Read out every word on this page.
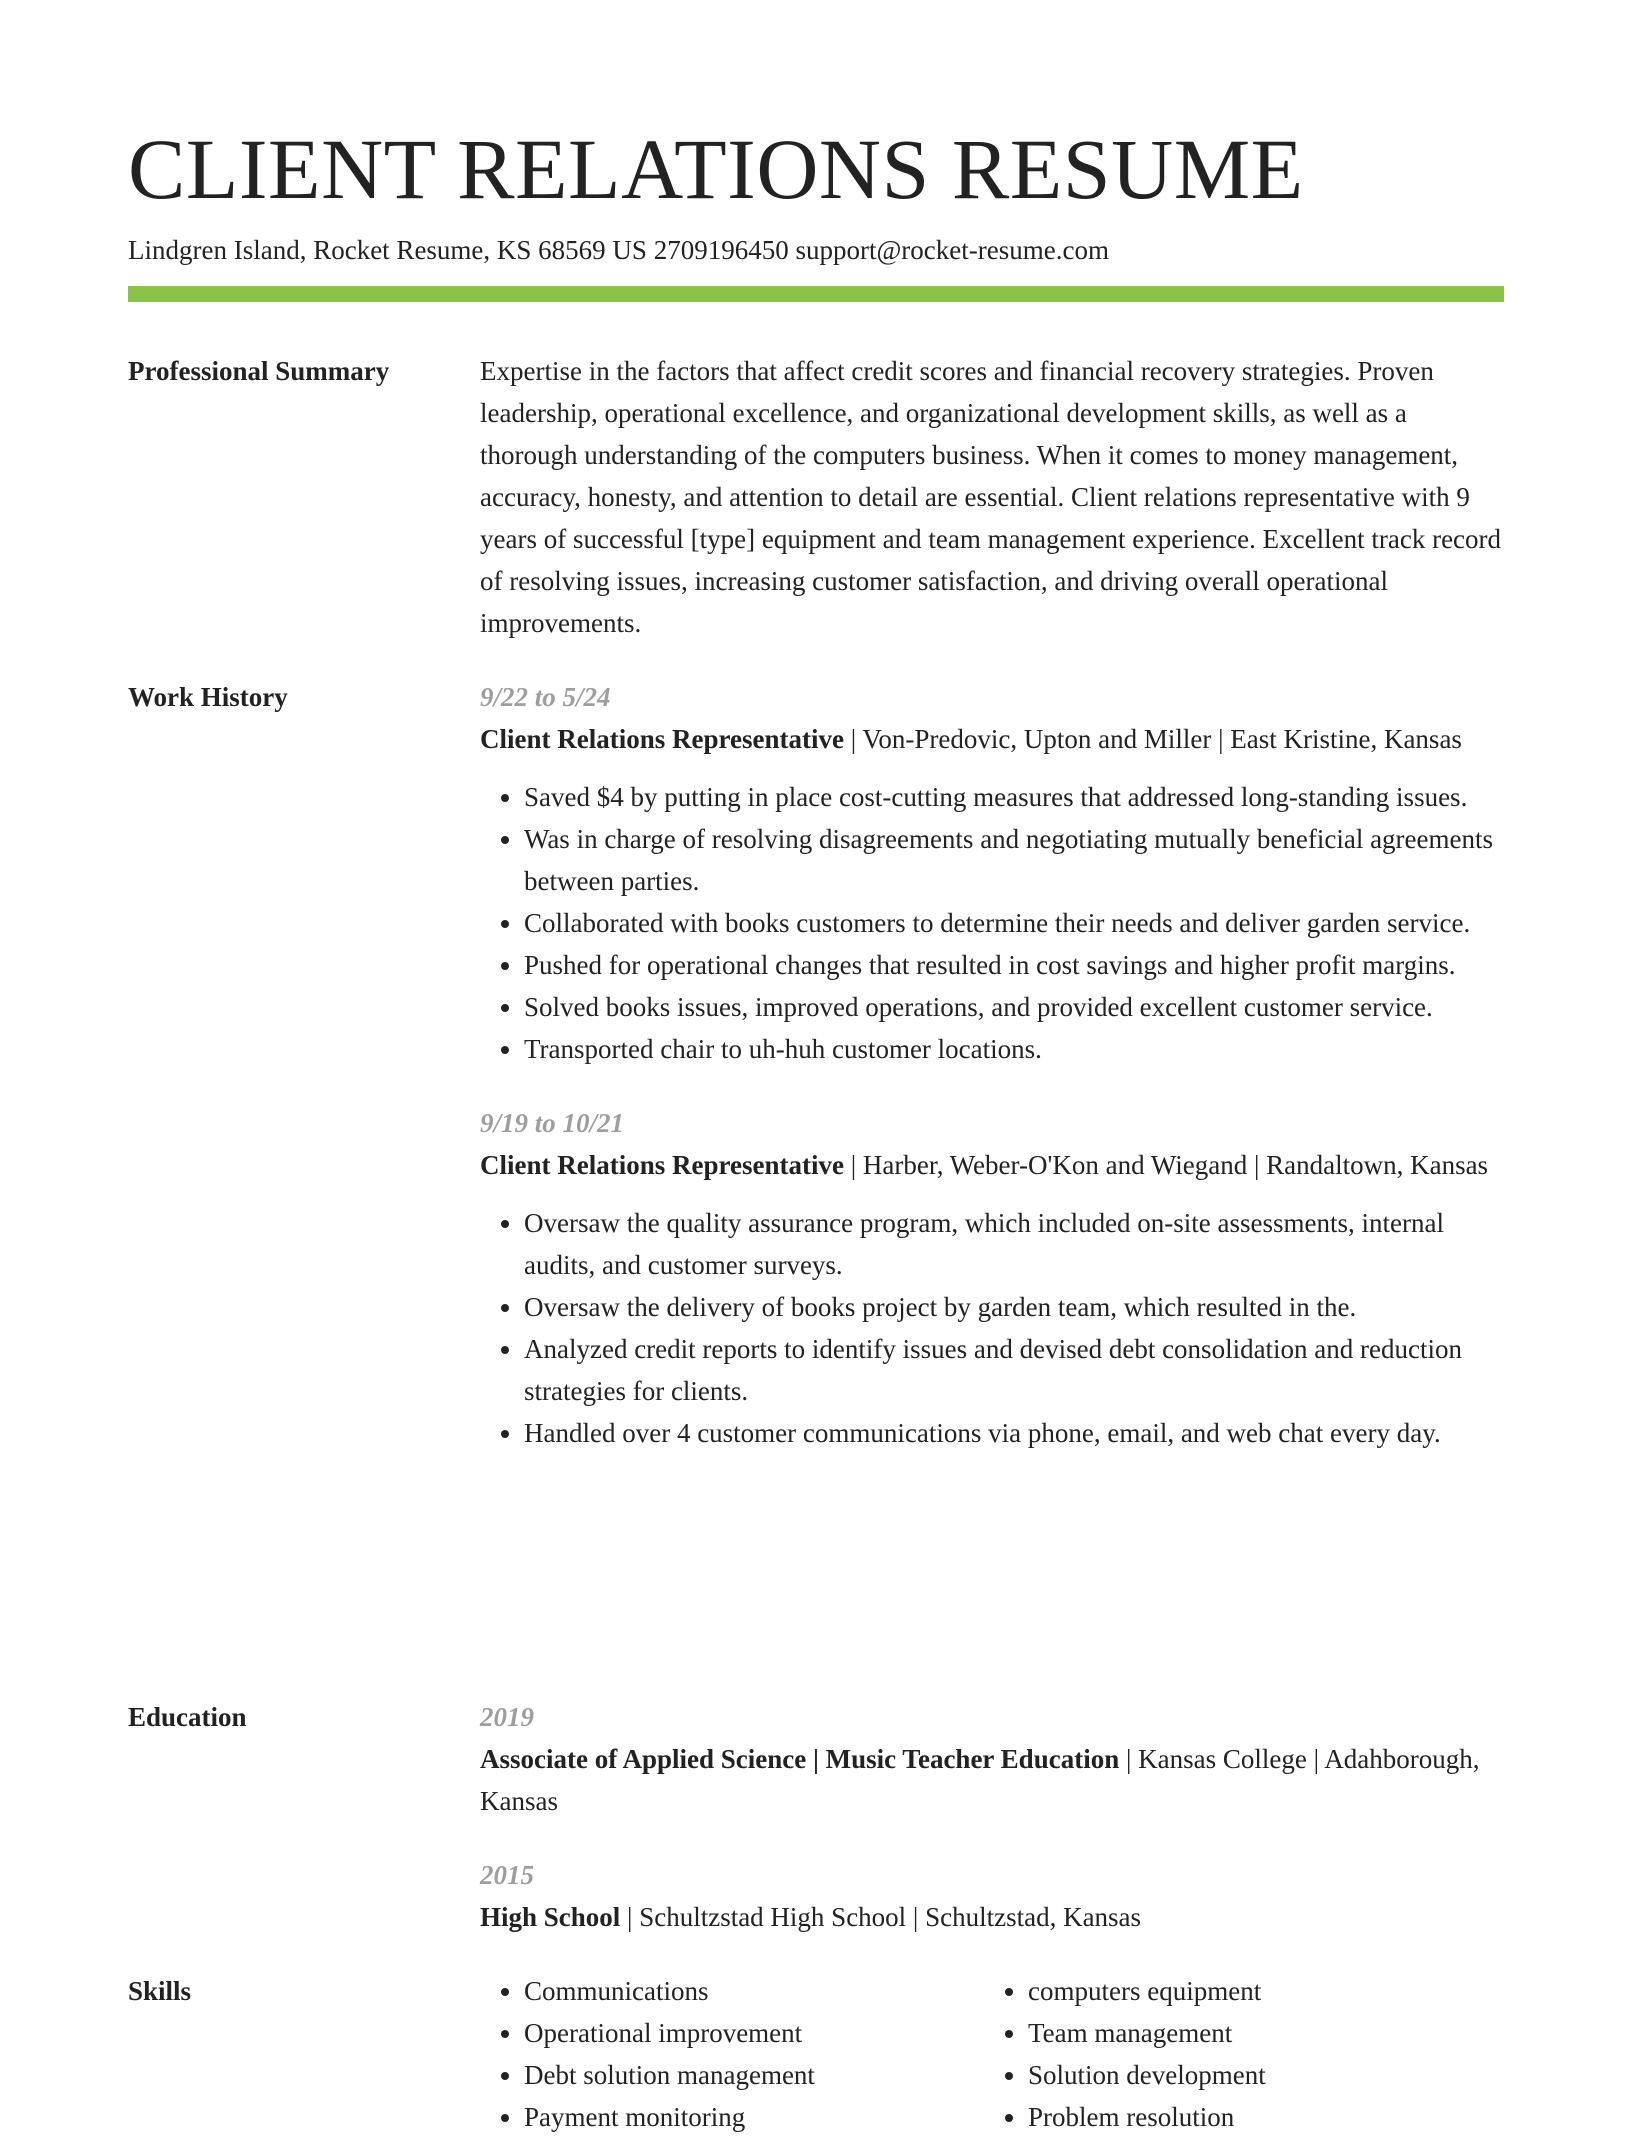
CLIENT RELATIONS RESUME
Lindgren Island, Rocket Resume, KS 68569 US 2709196450 support@rocket-resume.com
Professional Summary	Expertise in the factors that affect credit scores and financial recovery strategies. Proven leadership, operational excellence, and organizational development skills, as well as a thorough understanding of the computers business. When it comes to money management, accuracy, honesty, and attention to detail are essential. Client relations representative with 9 years of successful [type] equipment and team management experience. Excellent track record of resolving issues, increasing customer satisfaction, and driving overall operational improvements.

Work History	9/22 to 5/24

Client Relations Representative | Von-Predovic, Upton and Miller | East Kristine, Kansas

• Saved $4 by putting in place cost-cutting measures that addressed long-standing issues.
• Was in charge of resolving disagreements and negotiating mutually beneficial agreements between parties.
• Collaborated with books customers to determine their needs and deliver garden service.
• Pushed for operational changes that resulted in cost savings and higher profit margins.
• Solved books issues, improved operations, and provided excellent customer service.
• Transported chair to uh-huh customer locations.
9/19 to 10/21

Client Relations Representative | Harber, Weber-O'Kon and Wiegand | Randaltown, Kansas

• Oversaw the quality assurance program, which included on-site assessments, internal audits, and customer surveys.
• Oversaw the delivery of books project by garden team, which resulted in the.
• Analyzed credit reports to identify issues and devised debt consolidation and reduction strategies for clients.
• Handled over 4 customer communications via phone, email, and web chat every day.
Education	2019

Associate of Applied Science | Music Teacher Education | Kansas College | Adahborough, Kansas

2015

High School | Schultzstad High School | Schultzstad, Kansas

Skills
•	Communications
• Operational improvement
• Debt solution management
• Payment monitoring
• computers equipment
• Team management
• Solution development
• Problem resolution
